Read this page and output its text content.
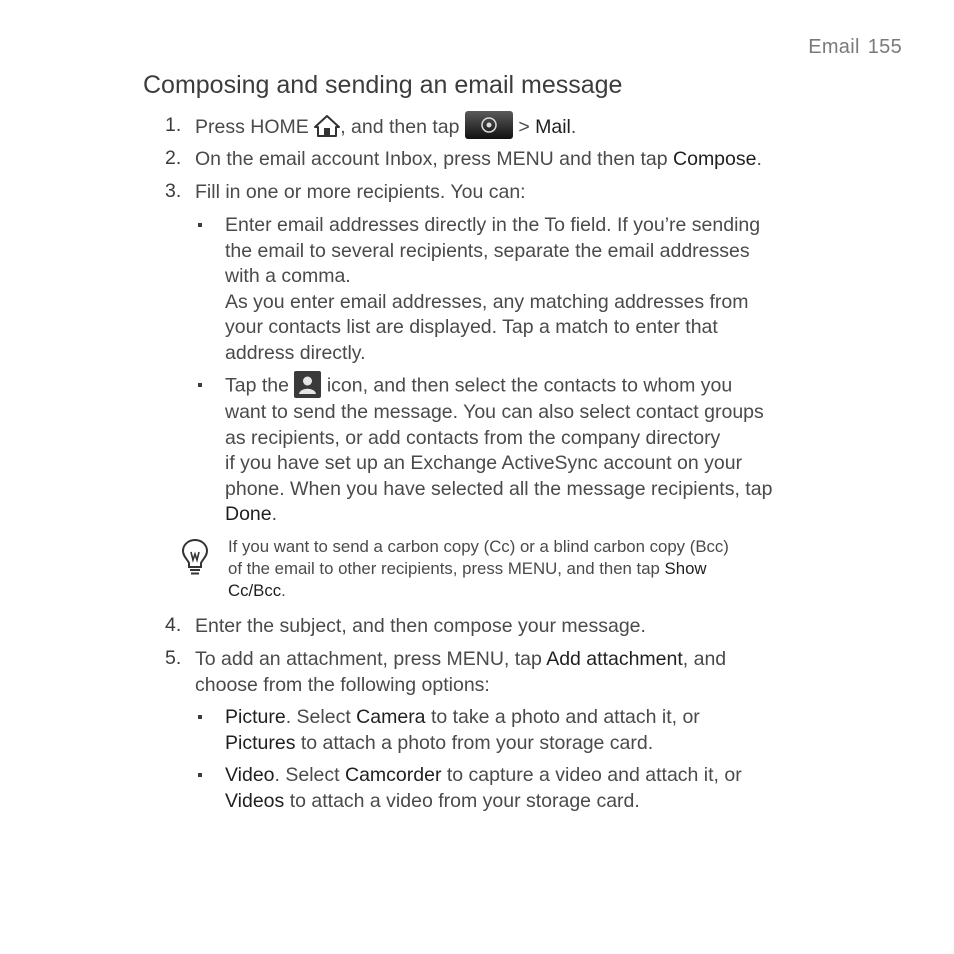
Email 155
Composing and sending an email message
1. Press HOME , and then tap	> Mail.
2. On the email account Inbox, press MENU and then tap Compose.
3. Fill in one or more recipients. You can:
Enter email addresses directly in the To field. If you’re sending
the email to several recipients, separate the email addresses
with a comma.
As you enter email addresses, any matching addresses from
your contacts list are displayed. Tap a match to enter that
address directly.
Tap the icon, and then select the contacts to whom you
want to send the message. You can also select contact groups
as recipients, or add contacts from the company directory
if you have set up an Exchange ActiveSync account on your
phone. When you have selected all the message recipients, tap
Done.
If you want to send a carbon copy (Cc) or a blind carbon copy (Bcc)
of the email to other recipients, press MENU, and then tap Show
Cc/Bcc.
4. Enter the subject, and then compose your message.
5. To add an attachment, press MENU, tap Add attachment, and
choose from the following options:
Picture. Select Camera to take a photo and attach it, or
Pictures to attach a photo from your storage card.
Video. Select Camcorder to capture a video and attach it, or
Videos to attach a video from your storage card.
